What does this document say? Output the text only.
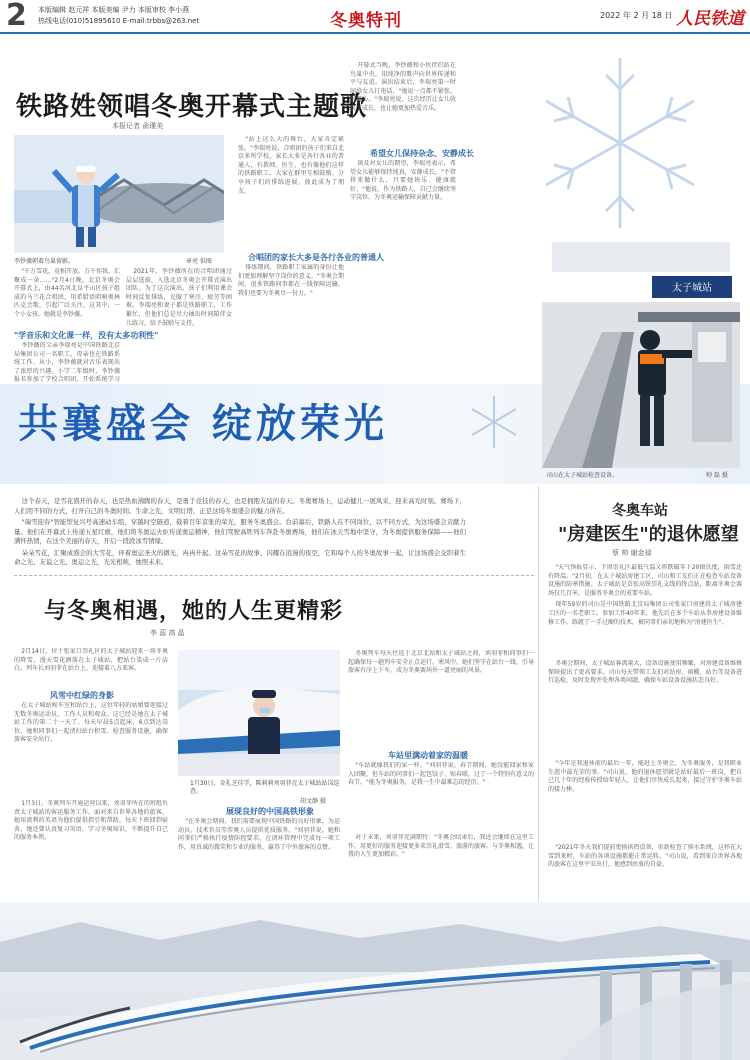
2 本版编辑 赵元祥 本版美编 尹力 本版审校 李小燕
热线电话(010)51895610 E-mail:trbbs@263.net	冬奥特刊	2022 年 2 月 18 日 人民铁道
铁路姓领唱冬奥开幕式主题歌
本报记者 俞瑾美
李钞薇朝着鸟巢留影。	章亮 供图

"千万雪花，竞相开放。万千你我，汇聚成一朵……"2月4日晚，北京冬奥会开幕式上，由44名河北阜平山区孩子组成的马兰花合唱团，用希腊语唱响奥林匹克会歌，引起广泛关注。这其中，一个小女孩，她就是李钞薇。

"学音乐和文化课一样，没有太多功利性"

李钞薇的父亲李瑞亮是中国铁路北京局集团公司一名职工，母亲也在铁路系统工作。从小，李钞薇就对音乐表现出了浓厚的兴趣。小学二年级时，李钞薇报名参加了学校合唱团，开始系统学习

2021年，李钞薇所在的合唱团通过层层选拔，入选北京冬奥会开幕式演出团队。为了这次演出，孩子们利用课余时间反复排练，克服了寒冷、疲劳等困难。李瑞亮和妻子都是铁路职工，工作繁忙，但他们总是尽力抽出时间陪伴女儿练习，给予鼓励与支持。

"站上这么大的舞台，大家肯定紧张。"李瑞亮说，合唱团的孩子们来自北京多所学校，家长大多是各行各业的普通人，有教师、医生，也有像他们这样的铁路职工。大家在群里互相鼓励、分享孩子们的排练进展，彼此成为了朋友。

合唱团的家长大多是各行各业的普通人

排练期间，铁路职工家属的身份让他们更加理解坚守岗位的意义。"冬奥会期间，很多铁路同事都在一线保障运输，我们也要为冬奥尽一份力。"

开幕式当晚，李钞薇和小伙伴们站在鸟巢中央，用纯净的歌声向世界传递和平与友谊。演出结束后，李瑞亮第一时间给女儿打电话，"她说一点都不紧张，很开心。"李瑞亮说，这次经历让女儿收获了成长，也让她更加热爱音乐。

希望女儿保持杂念、安静成长

谈及对女儿的期望，李瑞亮表示，希望女儿能够保持纯真，安静成长，"不管将来做什么，只要她快乐、健康就好。"他说，作为铁路人，自己会继续坚守岗位，为冬奥运输保障贡献力量。

共襄盛会 绽放荣光

这个春天，是雪花盛开的春天，也是热血沸腾的春天，是勇于竞技的春天，也是拥抱友谊的春天。冬奥赛场上，运动健儿一展风采，迎来高光时刻。赛场下，人们用不同的方式，打开自己的冬奥时间。生命之光，文明灯塔，正是这场冬奥盛会的魅力所在。

"瑞雪迎春"智能型复兴号高速动车组，穿越时空隧道，载着百年京张的荣光，服务冬奥盛会。台前幕后，铁路人在不同岗位，以不同方式，为这场盛会贡献力量。他们在开幕式上传递五星红旗，他们将冬奥运火炬传递奥运精神，他们驾驶高铁列车奔赴冬奥赛场，他们在冰天雪地中坚守，为冬奥提供服务保障——他们满怀热情，在这个美丽的春天，开启一段段冰雪情缘。

朵朵雪花，汇聚成盛会的大雪花，伴着奥运圣火的微光，冉冉升起。这朵雪花的故事，闪耀在浪漫的夜空，它和每个人的冬奥故事一起，让这场盛会交织着生命之光、友谊之光、奥运之光，光光相映，烛照未来。

太子城站
司山在太子城站检查设备。	帅 磊 摄
冬奥车站
"房建医生"的退休愿望
蔡 帅 谢金禄

"天气预报显示，下周崇礼区最低气温又将跌破零下20摄氏度，雨雪还有降温。"2月初，在太子城站房建工区，司山和工友们正在检查车站设备设施的防寒措施。太子城站是京张高铁崇礼支线的终点站，距离冬奥会赛场仅几百米，是服务冬奥会的重要车站。

现年59岁的司山是中国铁路北京局集团公司张家口房建段太子城房建工区的一名老职工。参加工作40年来，他先后在多个车站从事房建设备维修工作，练就了一手过硬的技术，被同事们亲切地称为"房建医生"。

冬奥会期间，太子城站客流量大，设备设施使用频繁，对房建设备维修保障提出了更高要求。司山每天带领工友们对站房、雨棚、站台等设备进行巡检，及时发现并处理各类问题，确保车站设备设施状态良好。

"今年是我退休前的最后一年，能赶上冬奥会，为冬奥服务，是我职业生涯中最光荣的事。"司山说，他的退休愿望就是站好最后一班岗，把自己几十年的经验传授给年轻人，让他们尽快成长起来，接过守护冬奥车站的接力棒。

"2021年冬天我们提前更换供热设备，重新检查了排水系统，这样在大雪到来时，车站的各项设施都能正常运转。"司山说，看到来自世界各地的旅客在这里平安出行，他感到由衷的自豪。

与冬奥相遇，她的人生更精彩
李 蕊 高 晶

2月14日，位于张家口崇礼区的太子城站迎来一场冬奥的降雪。漫天雪花洒落在太子城站，把站台染成一片洁白。列车长刘羽菲在站台上，迎接着八方来客。

风雪中红绿的身影

在太子城站候车室和站台上，这位年轻的姑娘曾迎接过无数冬奥运动员、工作人员和观众。这已经是她在太子城站工作的第二十一天了。每天早晨5点起床，6点到达岗位，她和同事们一起清扫站台积雪、检查服务设施，确保旅客安全出行。

1月3日，冬奥列车开通运营以来，刘羽菲所在的班组负责太子城站的客运服务工作。面对来自世界各地的旅客，她用流利的英语为他们提供指引和帮助。每天下班回到宿舍，她还要认真复习英语，学习冬奥知识，不断提升自己的服务本领。

1月30日，金礼芝佳学，陈莉莉刘羽菲在太子城站站岗巡查。
胡文静 摄
展现良好的中国高铁形象

"在冬奥会期间，我们需要展现中国铁路的良好形象，为运动员、技术官员等涉奥人员提供优质服务。"刘羽菲说。她和同事们严格执行疫情防控要求，在闭环管理中完成每一项工作，用真诚的微笑和专业的服务，赢得了中外旅客的点赞。

冬奥列车每天往返于北京北站和太子城站之间，刘羽菲和同事们一起确保每一趟列车安全正点运行。寒风中，她们坚守在站台一线，引导旅客有序上下车，成为冬奥赛场外一道亮丽的风景。

车站里满动着家的温暖

"车站就像我们的家一样。"刘羽菲说。春节期间，她没能回家和家人团聚，但车站的同事们一起包饺子、贴春联，过了一个特别有意义的春节。"能为冬奥服务，是我一生中最难忘的经历。"

对于未来，刘羽菲充满期待："冬奥会结束后，我还会继续在这里工作，用更好的服务迎接更多来崇礼滑雪、旅游的旅客。与冬奥相遇，让我的人生更加精彩。"
